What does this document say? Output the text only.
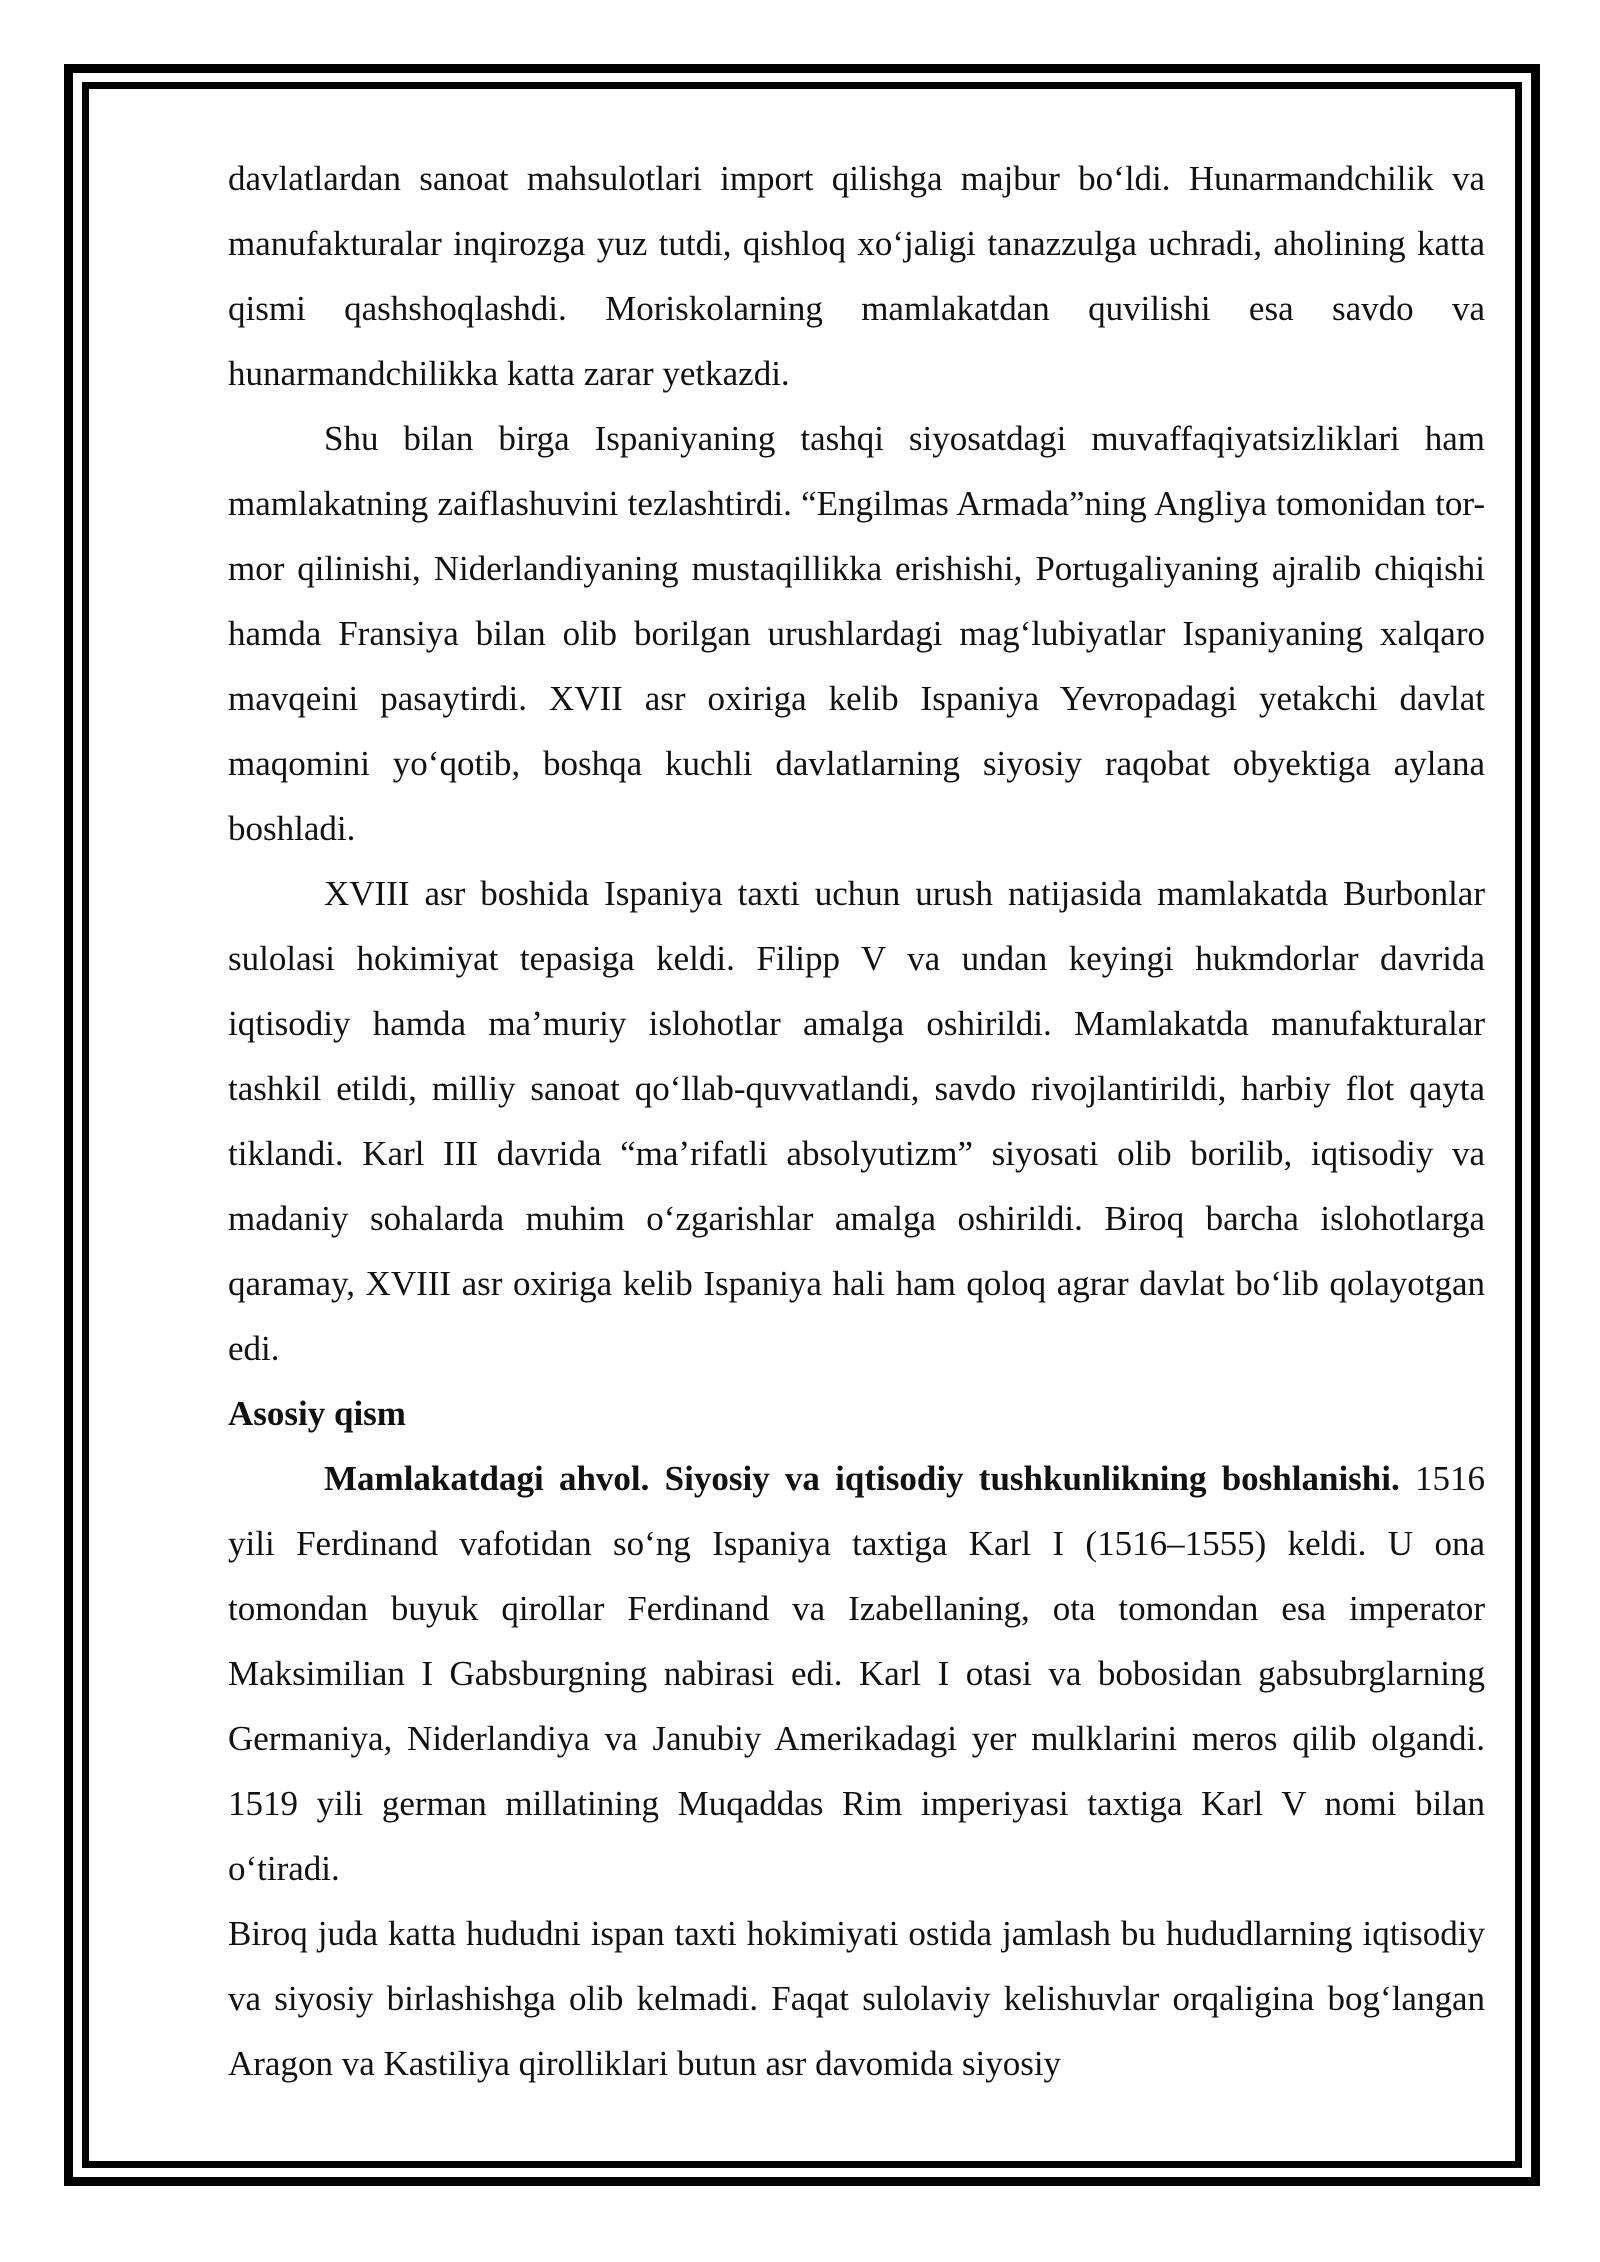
davlatlardan sanoat mahsulotlari import qilishga majbur boʻldi. Hunarmandchilik va manufakturalar inqirozga yuz tutdi, qishloq xoʻjaligi tanazzulga uchradi, aholining katta qismi qashshoqlashdi. Moriskolarning mamlakatdan quvilishi esa savdo va hunarmandchilikka katta zarar yetkazdi.

Shu bilan birga Ispaniyaning tashqi siyosatdagi muvaffaqiyatsizliklari ham mamlakatning zaiflashuvini tezlashtirdi. “Engilmas Armada”ning Angliya tomonidan tor-mor qilinishi, Niderlandiyaning mustaqillikka erishishi, Portugaliyaning ajralib chiqishi hamda Fransiya bilan olib borilgan urushlardagi magʻlubiyatlar Ispaniyaning xalqaro mavqeini pasaytirdi. XVII asr oxiriga kelib Ispaniya Yevropadagi yetakchi davlat maqomini yoʻqotib, boshqa kuchli davlatlarning siyosiy raqobat obyektiga aylana boshladi.

XVIII asr boshida Ispaniya taxti uchun urush natijasida mamlakatda Burbonlar sulolasi hokimiyat tepasiga keldi. Filipp V va undan keyingi hukmdorlar davrida iqtisodiy hamda maʼmuriy islohotlar amalga oshirildi. Mamlakatda manufakturalar tashkil etildi, milliy sanoat qoʻllab-quvvatlandi, savdo rivojlantirildi, harbiy flot qayta tiklandi. Karl III davrida “maʼrifatli absolyutizm” siyosati olib borilib, iqtisodiy va madaniy sohalarda muhim oʻzgarishlar amalga oshirildi. Biroq barcha islohotlarga qaramay, XVIII asr oxiriga kelib Ispaniya hali ham qoloq agrar davlat boʻlib qolayotgan edi.

Asosiy qism

Mamlakatdagi ahvol. Siyosiy va iqtisodiy tushkunlikning boshlanishi. 1516 yili Ferdinand vafotidan soʻng Ispaniya taxtiga Karl I (1516–1555) keldi. U ona tomondan buyuk qirollar Ferdinand va Izabellaning, ota tomondan esa imperator Maksimilian I Gabsburgning nabirasi edi. Karl I otasi va bobosidan gabsubrglarning Germaniya, Niderlandiya va Janubiy Amerikadagi yer mulklarini meros qilib olgandi. 1519 yili german millatining Muqaddas Rim imperiyasi taxtiga Karl V nomi bilan oʻtiradi.

Biroq juda katta hududni ispan taxti hokimiyati ostida jamlash bu hududlarning iqtisodiy va siyosiy birlashishga olib kelmadi. Faqat sulolaviy kelishuvlar orqaligina bogʻlangan Aragon va Kastiliya qirolliklari butun asr davomida siyosiy
